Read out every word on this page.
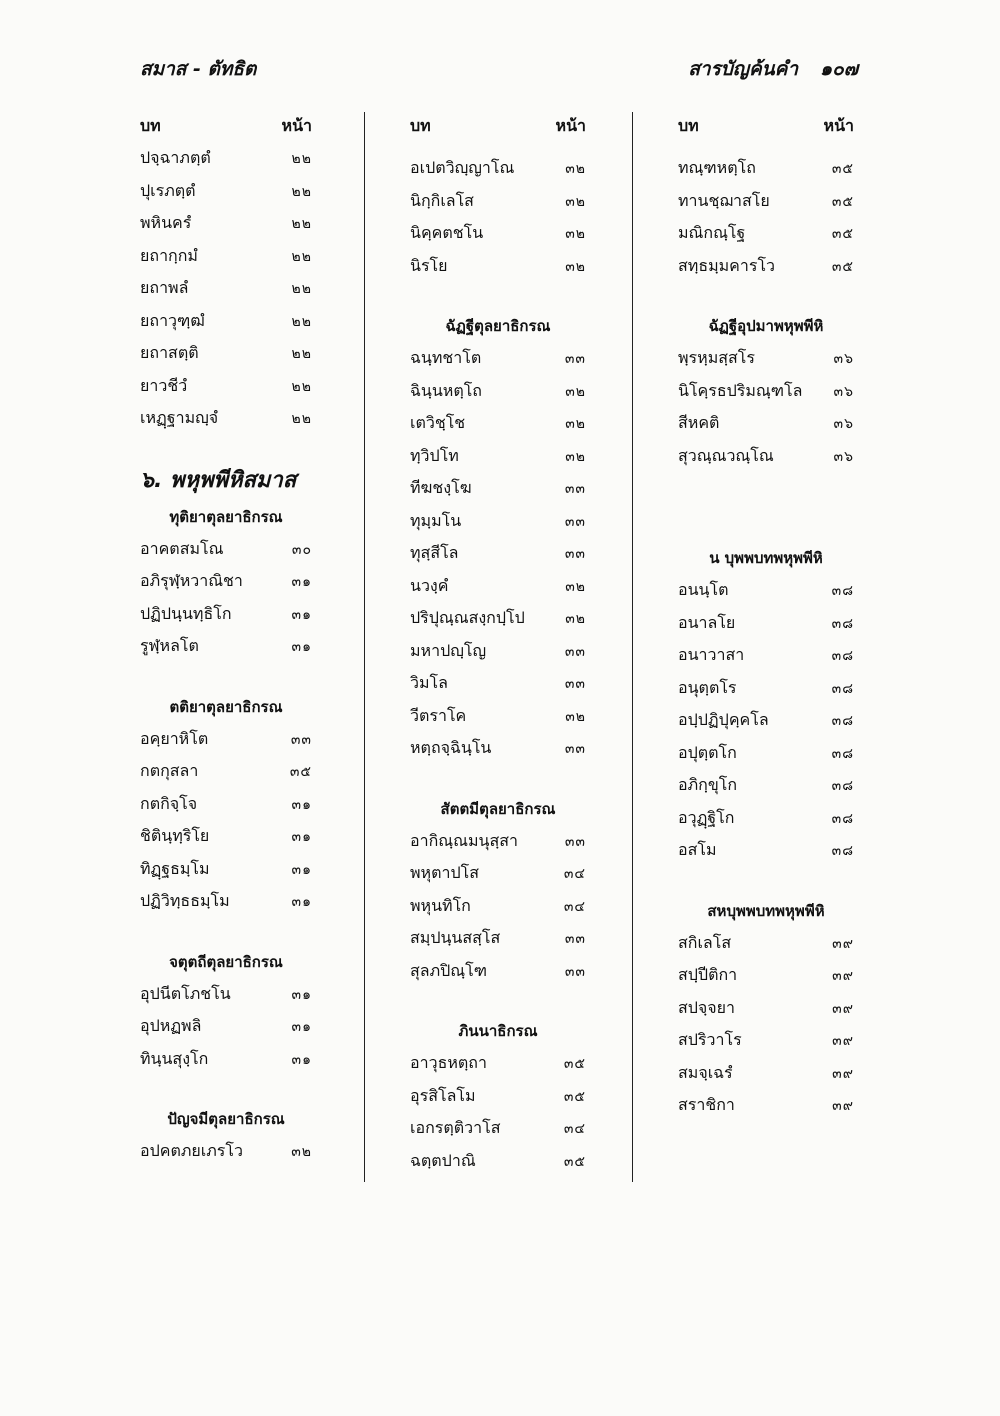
สมาส - ตัทธิต	สารบัญค้นคำ ๑๐๗
บท	หน้า
ปจฺฉาภตฺตํ	๒๒
ปุเรภตฺตํ	๒๒
พหินครํ	๒๒
ยถากฺกมํ	๒๒
ยถาพลํ	๒๒
ยถาวุฑฺฒํ	๒๒
ยถาสตฺติ	๒๒
ยาวชีวํ	๒๒
เหฏฺฐามญฺจํ	๒๒
๖. พหุพพีหิสมาส
ทุติยาตุลยาธิกรณ
อาคตสมโณ	๓๐
อภิรุฬฺหวาณิชา	๓๑
ปฏิปนฺนทฺธิโก	๓๑
รูฬฺหลโต	๓๑
ตติยาตุลยาธิกรณ
อคฺยาหิโต	๓๓
กตกุสลา	๓๕
กตกิจฺโจ	๓๑
ชิตินฺทฺริโย	๓๑
ทิฏฺฐธมฺโม	๓๑
ปฏิวิทฺธธมฺโม	๓๑
จตุตถีตุลยาธิกรณ
อุปนีตโภชโน	๓๑
อุปหฏพลิ	๓๑
ทินฺนสุงฺโก	๓๑
ปัญจมีตุลยาธิกรณ
อปคตภยเภรโว	๓๒
บท	หน้า
อเปตวิญฺญาโณ	๓๒
นิกฺกิเลโส	๓๒
นิคฺคตชโน	๓๒
นิรโย	๓๒
ฉัฏฐีตุลยาธิกรณ
ฉนฺทชาโต	๓๓
ฉินฺนหตฺโถ	๓๒
เตวิชฺโช	๓๒
ทฺวิปโท	๓๒
ทีฆชงฺโฆ	๓๓
ทุมฺมโน	๓๓
ทุสฺสีโล	๓๓
นวงฺคํ	๓๒
ปริปุณฺณสงฺกปฺโป	๓๒
มหาปญฺโญ	๓๓
วิมโล	๓๓
วีตราโค	๓๒
หตฺถจฺฉินฺโน	๓๓
สัตตมีตุลยาธิกรณ
อากิณฺณมนุสฺสา	๓๓
พหุตาปโส	๓๔
พหุนทิโก	๓๔
สมฺปนฺนสสฺโส	๓๓
สุลภปิณฺโฑ	๓๓
ภินนาธิกรณ
อาวุธหตฺถา	๓๕
อุรสิโลโม	๓๕
เอกรตฺติวาโส	๓๔
ฉตฺตปาณิ	๓๕
บท	หน้า
ทณฺฑหตฺโถ	๓๕
ทานชฺฌาสโย	๓๕
มณิกณฺโฐ	๓๕
สทฺธมฺมคารโว	๓๕
ฉัฏฐีอุปมาพหุพพีหิ
พฺรหฺมสฺสโร	๓๖
นิโคฺรธปริมณฺฑโล ๓๖
สีหคติ	๓๖
สุวณฺณวณฺโณ	๓๖
น บุพพบทพหุพพีหิ
อนนฺโต	๓๘
อนาลโย	๓๘
อนาวาสา	๓๘
อนุตฺตโร	๓๘
อปฺปฏิปุคฺคโล	๓๘
อปุตฺตโก	๓๘
อภิกฺขุโก	๓๘
อวุฏฺฐิโก	๓๘
อสโม	๓๘
สหบุพพบทพหุพพีหิ
สกิเลโส	๓๙
สปฺปีติกา	๓๙
สปจฺจยา	๓๙
สปริวาโร	๓๙
สมจฺเฉรํ	๓๙
สราชิกา	๓๙
